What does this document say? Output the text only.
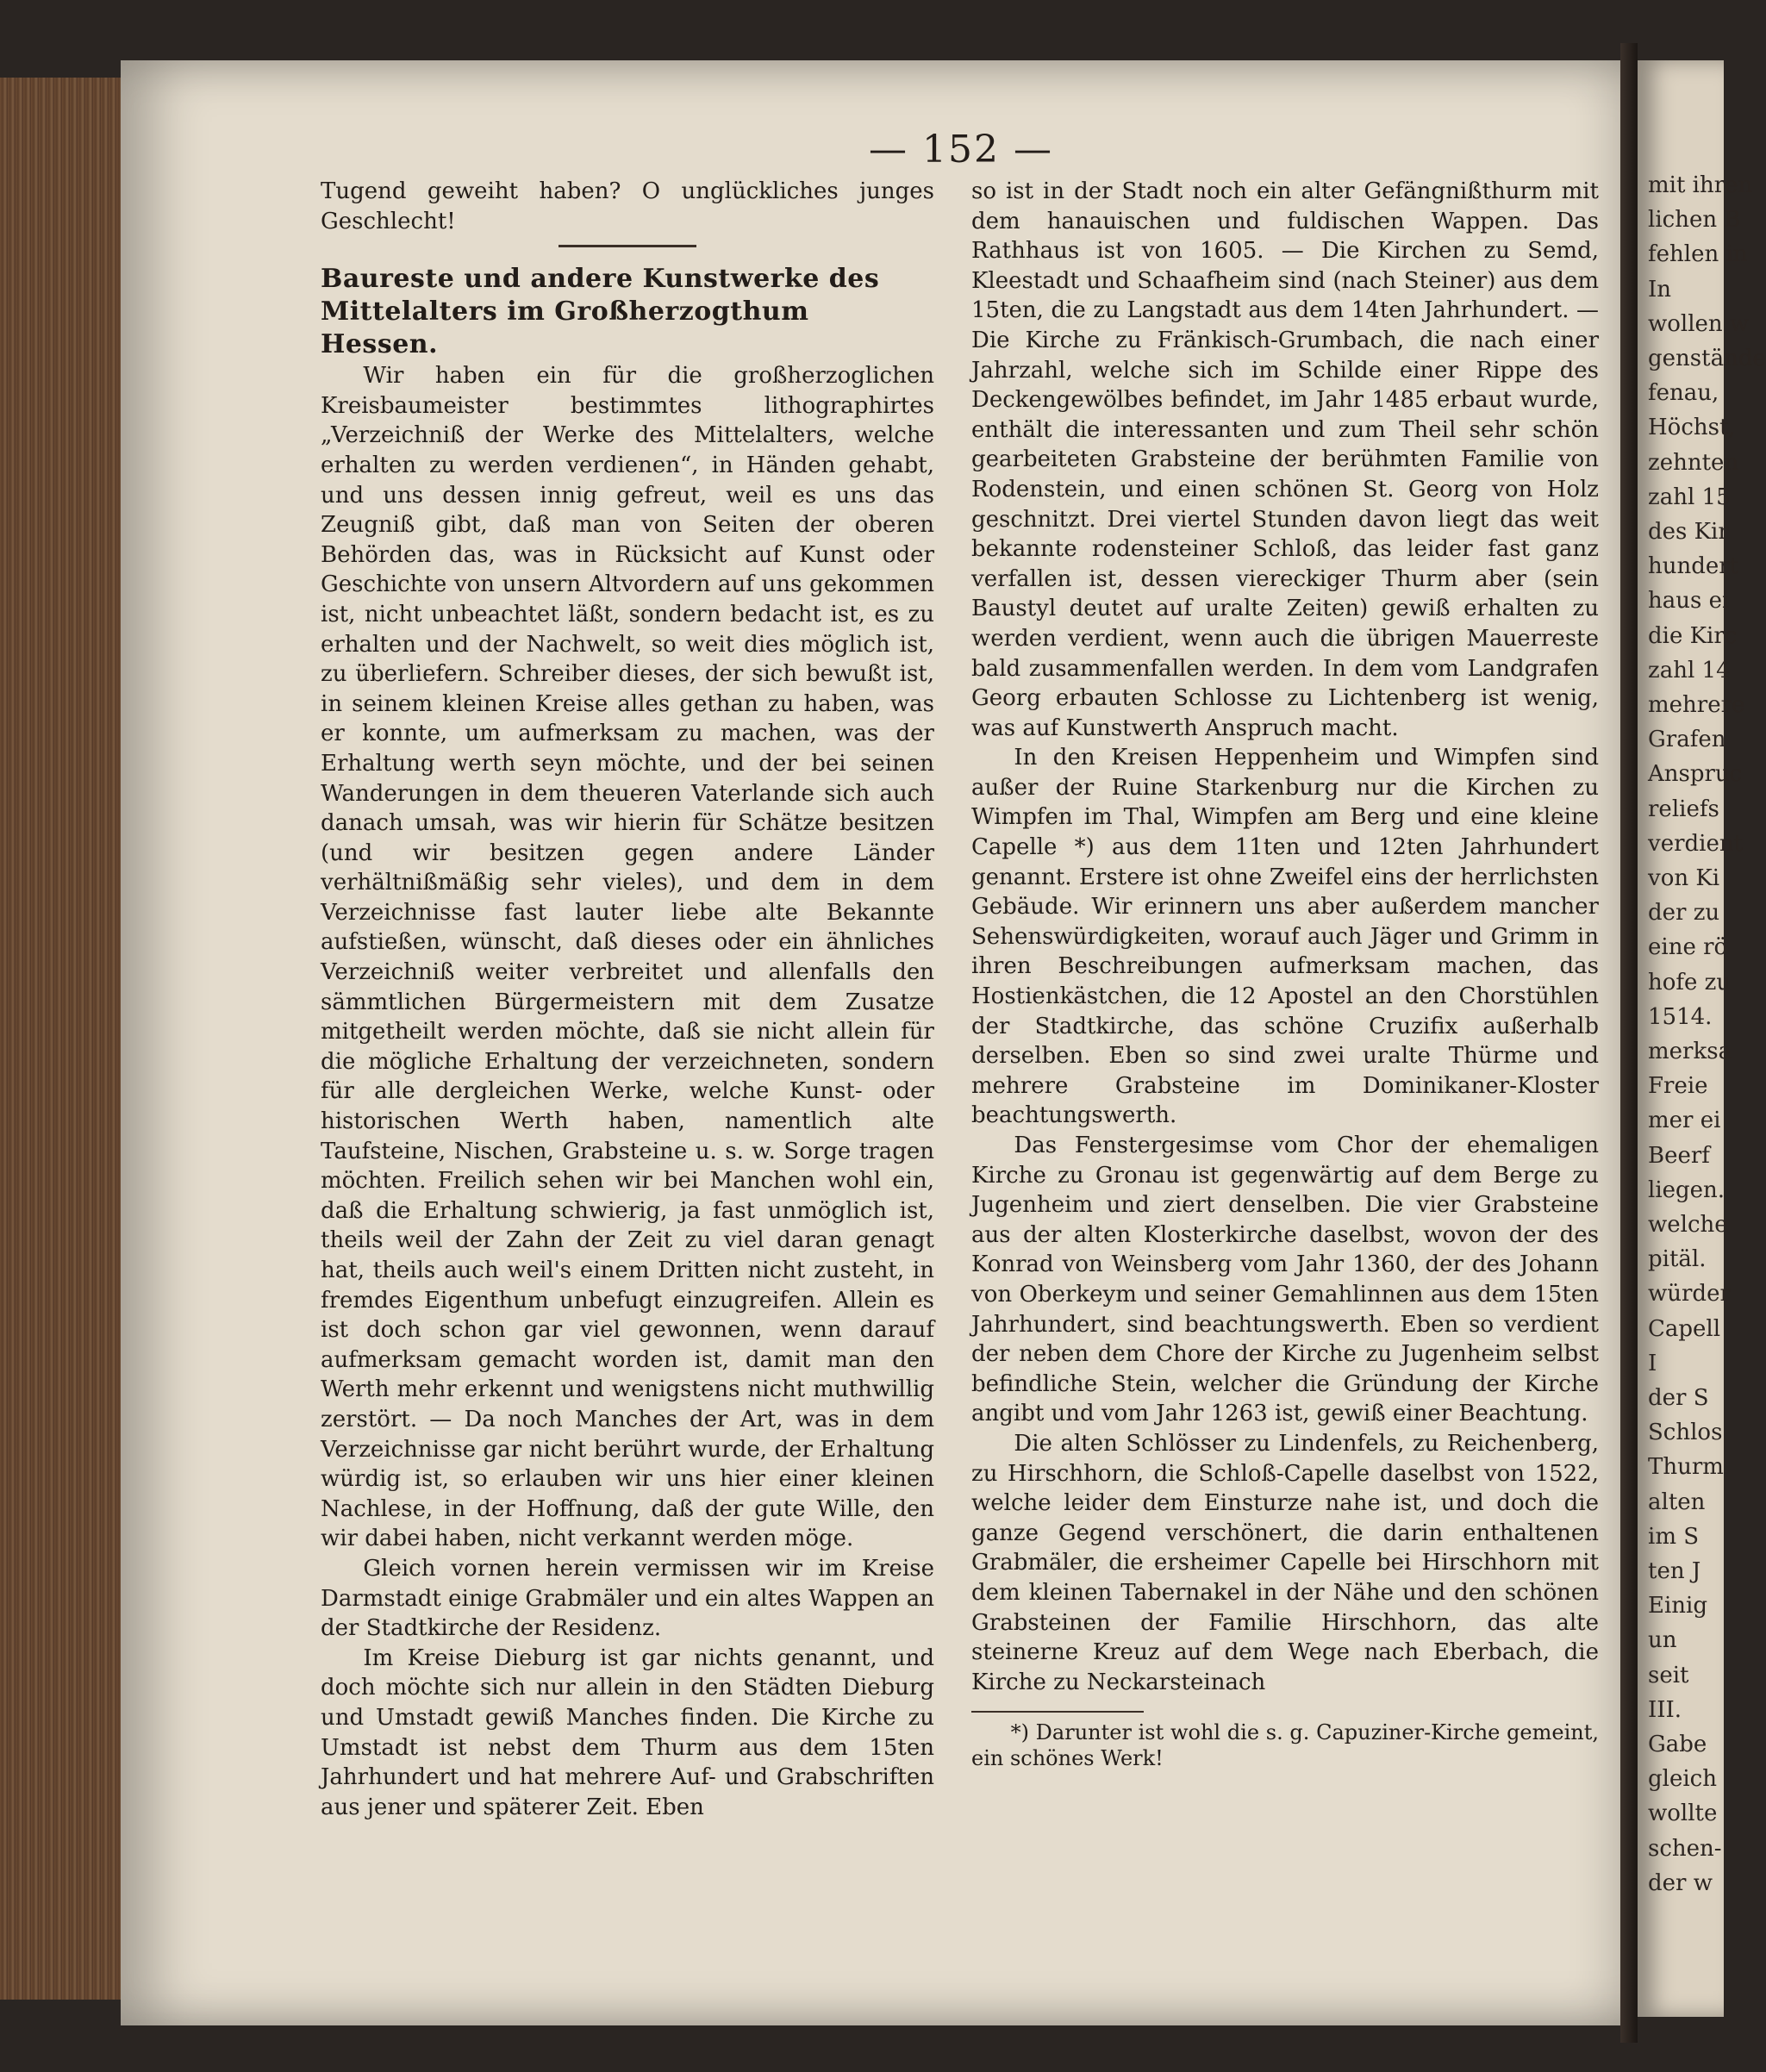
mit ihren
lichen B
fehlen in
In
wollen w
genstände
fenau,
Höchst,
zehnten
zahl 15
des Kir
hundert
haus ei
die Kirc
zahl 14
mehrere
Grafen
Anspruc
reliefs
verdient
von Ki
der zu
eine rö
hofe zu
1514.
merksa
Freie
mer ei
Beerf
liegen.
welche
pitäl.
würder
Capell
I
der S
Schlos
Thurm
alten
im S
ten J
Einig
un
seit
III.
Gabe
gleich
wollte
schen-
der w
— 152 —

Tugend geweiht haben? O unglückliches junges Geschlecht!

Baureste und andere Kunstwerke des Mittelalters im Großherzogthum Hessen.

Wir haben ein für die großherzoglichen Kreisbaumeister bestimmtes lithographirtes „Verzeichniß der Werke des Mittelalters, welche erhalten zu werden verdienen“, in Händen gehabt, und uns dessen innig gefreut, weil es uns das Zeugniß gibt, daß man von Seiten der oberen Behörden das, was in Rücksicht auf Kunst oder Geschichte von unsern Altvordern auf uns gekommen ist, nicht unbeachtet läßt, sondern bedacht ist, es zu erhalten und der Nachwelt, so weit dies möglich ist, zu überliefern. Schreiber dieses, der sich bewußt ist, in seinem kleinen Kreise alles gethan zu haben, was er konnte, um aufmerksam zu machen, was der Erhaltung werth seyn möchte, und der bei seinen Wanderungen in dem theueren Vaterlande sich auch danach umsah, was wir hierin für Schätze besitzen (und wir besitzen gegen andere Länder verhältnißmäßig sehr vieles), und dem in dem Verzeichnisse fast lauter liebe alte Bekannte aufstießen, wünscht, daß dieses oder ein ähnliches Verzeichniß weiter verbreitet und allenfalls den sämmtlichen Bürgermeistern mit dem Zusatze mitgetheilt werden möchte, daß sie nicht allein für die mögliche Erhaltung der verzeichneten, sondern für alle dergleichen Werke, welche Kunst- oder historischen Werth haben, namentlich alte Taufsteine, Nischen, Grabsteine u. s. w. Sorge tragen möchten. Freilich sehen wir bei Manchen wohl ein, daß die Erhaltung schwierig, ja fast unmöglich ist, theils weil der Zahn der Zeit zu viel daran genagt hat, theils auch weil's einem Dritten nicht zusteht, in fremdes Eigenthum unbefugt einzugreifen. Allein es ist doch schon gar viel gewonnen, wenn darauf aufmerksam gemacht worden ist, damit man den Werth mehr erkennt und wenigstens nicht muthwillig zerstört. — Da noch Manches der Art, was in dem Verzeichnisse gar nicht berührt wurde, der Erhaltung würdig ist, so erlauben wir uns hier einer kleinen Nachlese, in der Hoffnung, daß der gute Wille, den wir dabei haben, nicht verkannt werden möge.

Gleich vornen herein vermissen wir im Kreise Darmstadt einige Grabmäler und ein altes Wappen an der Stadtkirche der Residenz.

Im Kreise Dieburg ist gar nichts genannt, und doch möchte sich nur allein in den Städten Dieburg und Umstadt gewiß Manches finden. Die Kirche zu Umstadt ist nebst dem Thurm aus dem 15ten Jahrhundert und hat mehrere Auf- und Grabschriften aus jener und späterer Zeit. Eben

so ist in der Stadt noch ein alter Gefängnißthurm mit dem hanauischen und fuldischen Wappen. Das Rathhaus ist von 1605. — Die Kirchen zu Semd, Kleestadt und Schaafheim sind (nach Steiner) aus dem 15ten, die zu Langstadt aus dem 14ten Jahrhundert. — Die Kirche zu Fränkisch-Grumbach, die nach einer Jahrzahl, welche sich im Schilde einer Rippe des Deckengewölbes befindet, im Jahr 1485 erbaut wurde, enthält die interessanten und zum Theil sehr schön gearbeiteten Grabsteine der berühmten Familie von Rodenstein, und einen schönen St. Georg von Holz geschnitzt. Drei viertel Stunden davon liegt das weit bekannte rodensteiner Schloß, das leider fast ganz verfallen ist, dessen viereckiger Thurm aber (sein Baustyl deutet auf uralte Zeiten) gewiß erhalten zu werden verdient, wenn auch die übrigen Mauerreste bald zusammenfallen werden. In dem vom Landgrafen Georg erbauten Schlosse zu Lichtenberg ist wenig, was auf Kunstwerth Anspruch macht.

In den Kreisen Heppenheim und Wimpfen sind außer der Ruine Starkenburg nur die Kirchen zu Wimpfen im Thal, Wimpfen am Berg und eine kleine Capelle *) aus dem 11ten und 12ten Jahrhundert genannt. Erstere ist ohne Zweifel eins der herrlichsten Gebäude. Wir erinnern uns aber außerdem mancher Sehenswürdigkeiten, worauf auch Jäger und Grimm in ihren Beschreibungen aufmerksam machen, das Hostienkästchen, die 12 Apostel an den Chorstühlen der Stadtkirche, das schöne Cruzifix außerhalb derselben. Eben so sind zwei uralte Thürme und mehrere Grabsteine im Dominikaner-Kloster beachtungswerth.

Das Fenstergesimse vom Chor der ehemaligen Kirche zu Gronau ist gegenwärtig auf dem Berge zu Jugenheim und ziert denselben. Die vier Grabsteine aus der alten Klosterkirche daselbst, wovon der des Konrad von Weinsberg vom Jahr 1360, der des Johann von Oberkeym und seiner Gemahlinnen aus dem 15ten Jahrhundert, sind beachtungswerth. Eben so verdient der neben dem Chore der Kirche zu Jugenheim selbst befindliche Stein, welcher die Gründung der Kirche angibt und vom Jahr 1263 ist, gewiß einer Beachtung.

Die alten Schlösser zu Lindenfels, zu Reichenberg, zu Hirschhorn, die Schloß-Capelle daselbst von 1522, welche leider dem Einsturze nahe ist, und doch die ganze Gegend verschönert, die darin enthaltenen Grabmäler, die ersheimer Capelle bei Hirschhorn mit dem kleinen Tabernakel in der Nähe und den schönen Grabsteinen der Familie Hirschhorn, das alte steinerne Kreuz auf dem Wege nach Eberbach, die Kirche zu Neckarsteinach

*) Darunter ist wohl die s. g. Capuziner-Kirche gemeint, ein schönes Werk!
